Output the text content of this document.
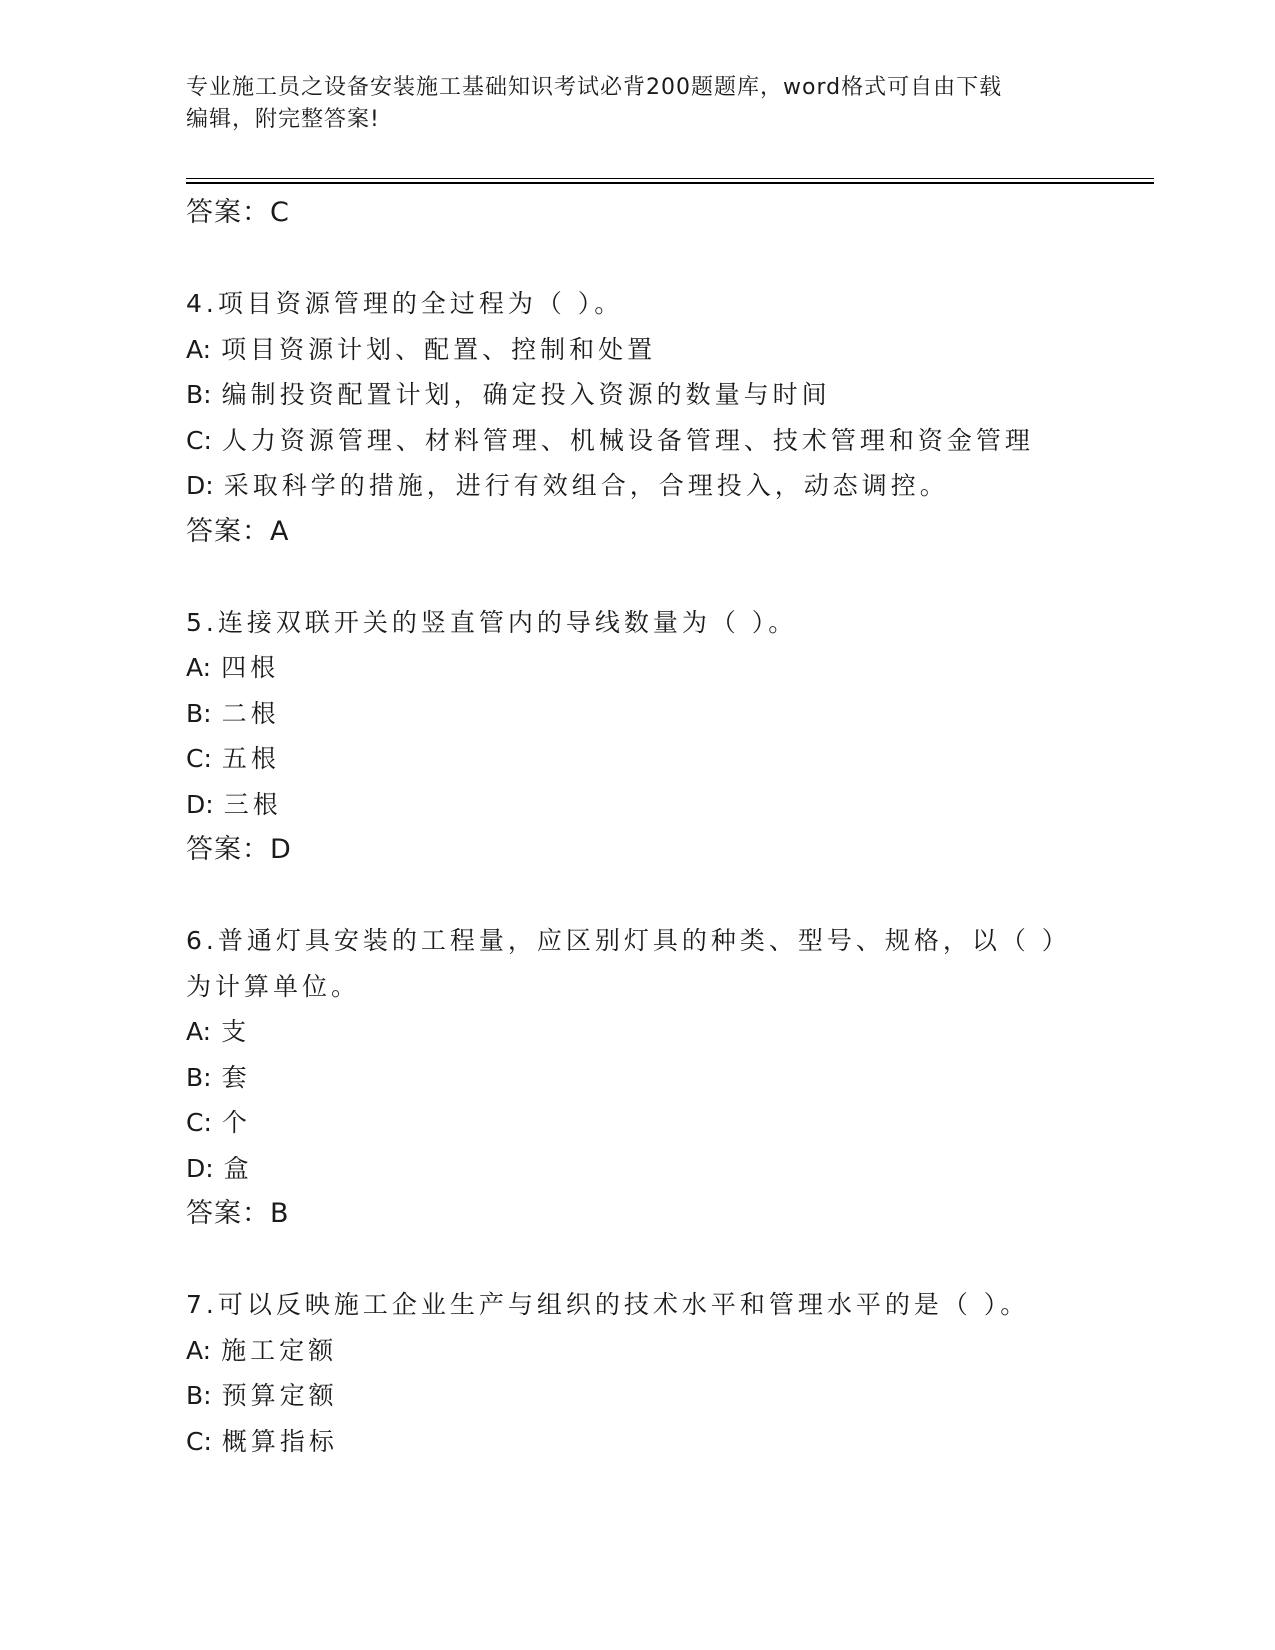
专业施工员之设备安装施工基础知识考试必背200题题库，word格式可自由下载
编辑，附完整答案!
答案：C
4.项目资源管理的全过程为（ ）。
A: 项目资源计划、配置、控制和处置
B: 编制投资配置计划，确定投入资源的数量与时间
C: 人力资源管理、材料管理、机械设备管理、技术管理和资金管理
D: 采取科学的措施，进行有效组合，合理投入，动态调控。
答案：A
5.连接双联开关的竖直管内的导线数量为（ ）。
A: 四根
B: 二根
C: 五根
D: 三根
答案：D
6.普通灯具安装的工程量，应区别灯具的种类、型号、规格，以（ ）
为计算单位。
A: 支
B: 套
C: 个
D: 盒
答案：B
7.可以反映施工企业生产与组织的技术水平和管理水平的是（ ）。
A: 施工定额
B: 预算定额
C: 概算指标
